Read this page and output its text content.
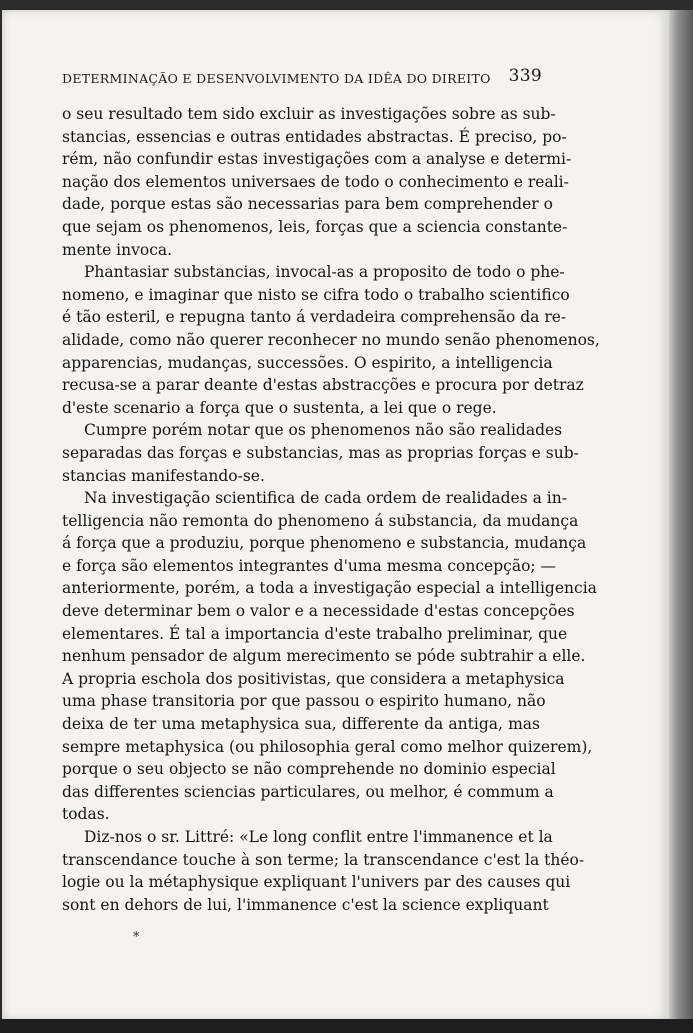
DETERMINAÇÃO E DESENVOLVIMENTO DA IDÊA DO DIREITO 339
o seu resultado tem sido excluir as investigações sobre as sub-
stancias, essencias e outras entidades abstractas. É preciso, po-
rém, não confundir estas investigações com a analyse e determi-
nação dos elementos universaes de todo o conhecimento e reali-
dade, porque estas são necessarias para bem comprehender o
que sejam os phenomenos, leis, forças que a sciencia constante-
mente invoca.
Phantasiar substancias, invocal-as a proposito de todo o phe-
nomeno, e imaginar que nisto se cifra todo o trabalho scientifico
é tão esteril, e repugna tanto á verdadeira comprehensão da re-
alidade, como não querer reconhecer no mundo senão phenomenos,
apparencias, mudanças, successões. O espirito, a intelligencia
recusa-se a parar deante d'estas abstracções e procura por detraz
d'este scenario a força que o sustenta, a lei que o rege.
Cumpre porém notar que os phenomenos não são realidades
separadas das forças e substancias, mas as proprias forças e sub-
stancias manifestando-se.
Na investigação scientifica de cada ordem de realidades a in-
telligencia não remonta do phenomeno á substancia, da mudança
á força que a produziu, porque phenomeno e substancia, mudança
e força são elementos integrantes d'uma mesma concepção; —
anteriormente, porém, a toda a investigação especial a intelligencia
deve determinar bem o valor e a necessidade d'estas concepções
elementares. É tal a importancia d'este trabalho preliminar, que
nenhum pensador de algum merecimento se póde subtrahir a elle.
A propria eschola dos positivistas, que considera a metaphysica
uma phase transitoria por que passou o espirito humano, não
deixa de ter uma metaphysica sua, differente da antiga, mas
sempre metaphysica (ou philosophia geral como melhor quizerem),
porque o seu objecto se não comprehende no dominio especial
das differentes sciencias particulares, ou melhor, é commum a
todas.
Diz-nos o sr. Littré: «Le long conflit entre l'immanence et la
transcendance touche à son terme; la transcendance c'est la théo-
logie ou la métaphysique expliquant l'univers par des causes qui
sont en dehors de lui, l'immanence c'est la science expliquant
*
